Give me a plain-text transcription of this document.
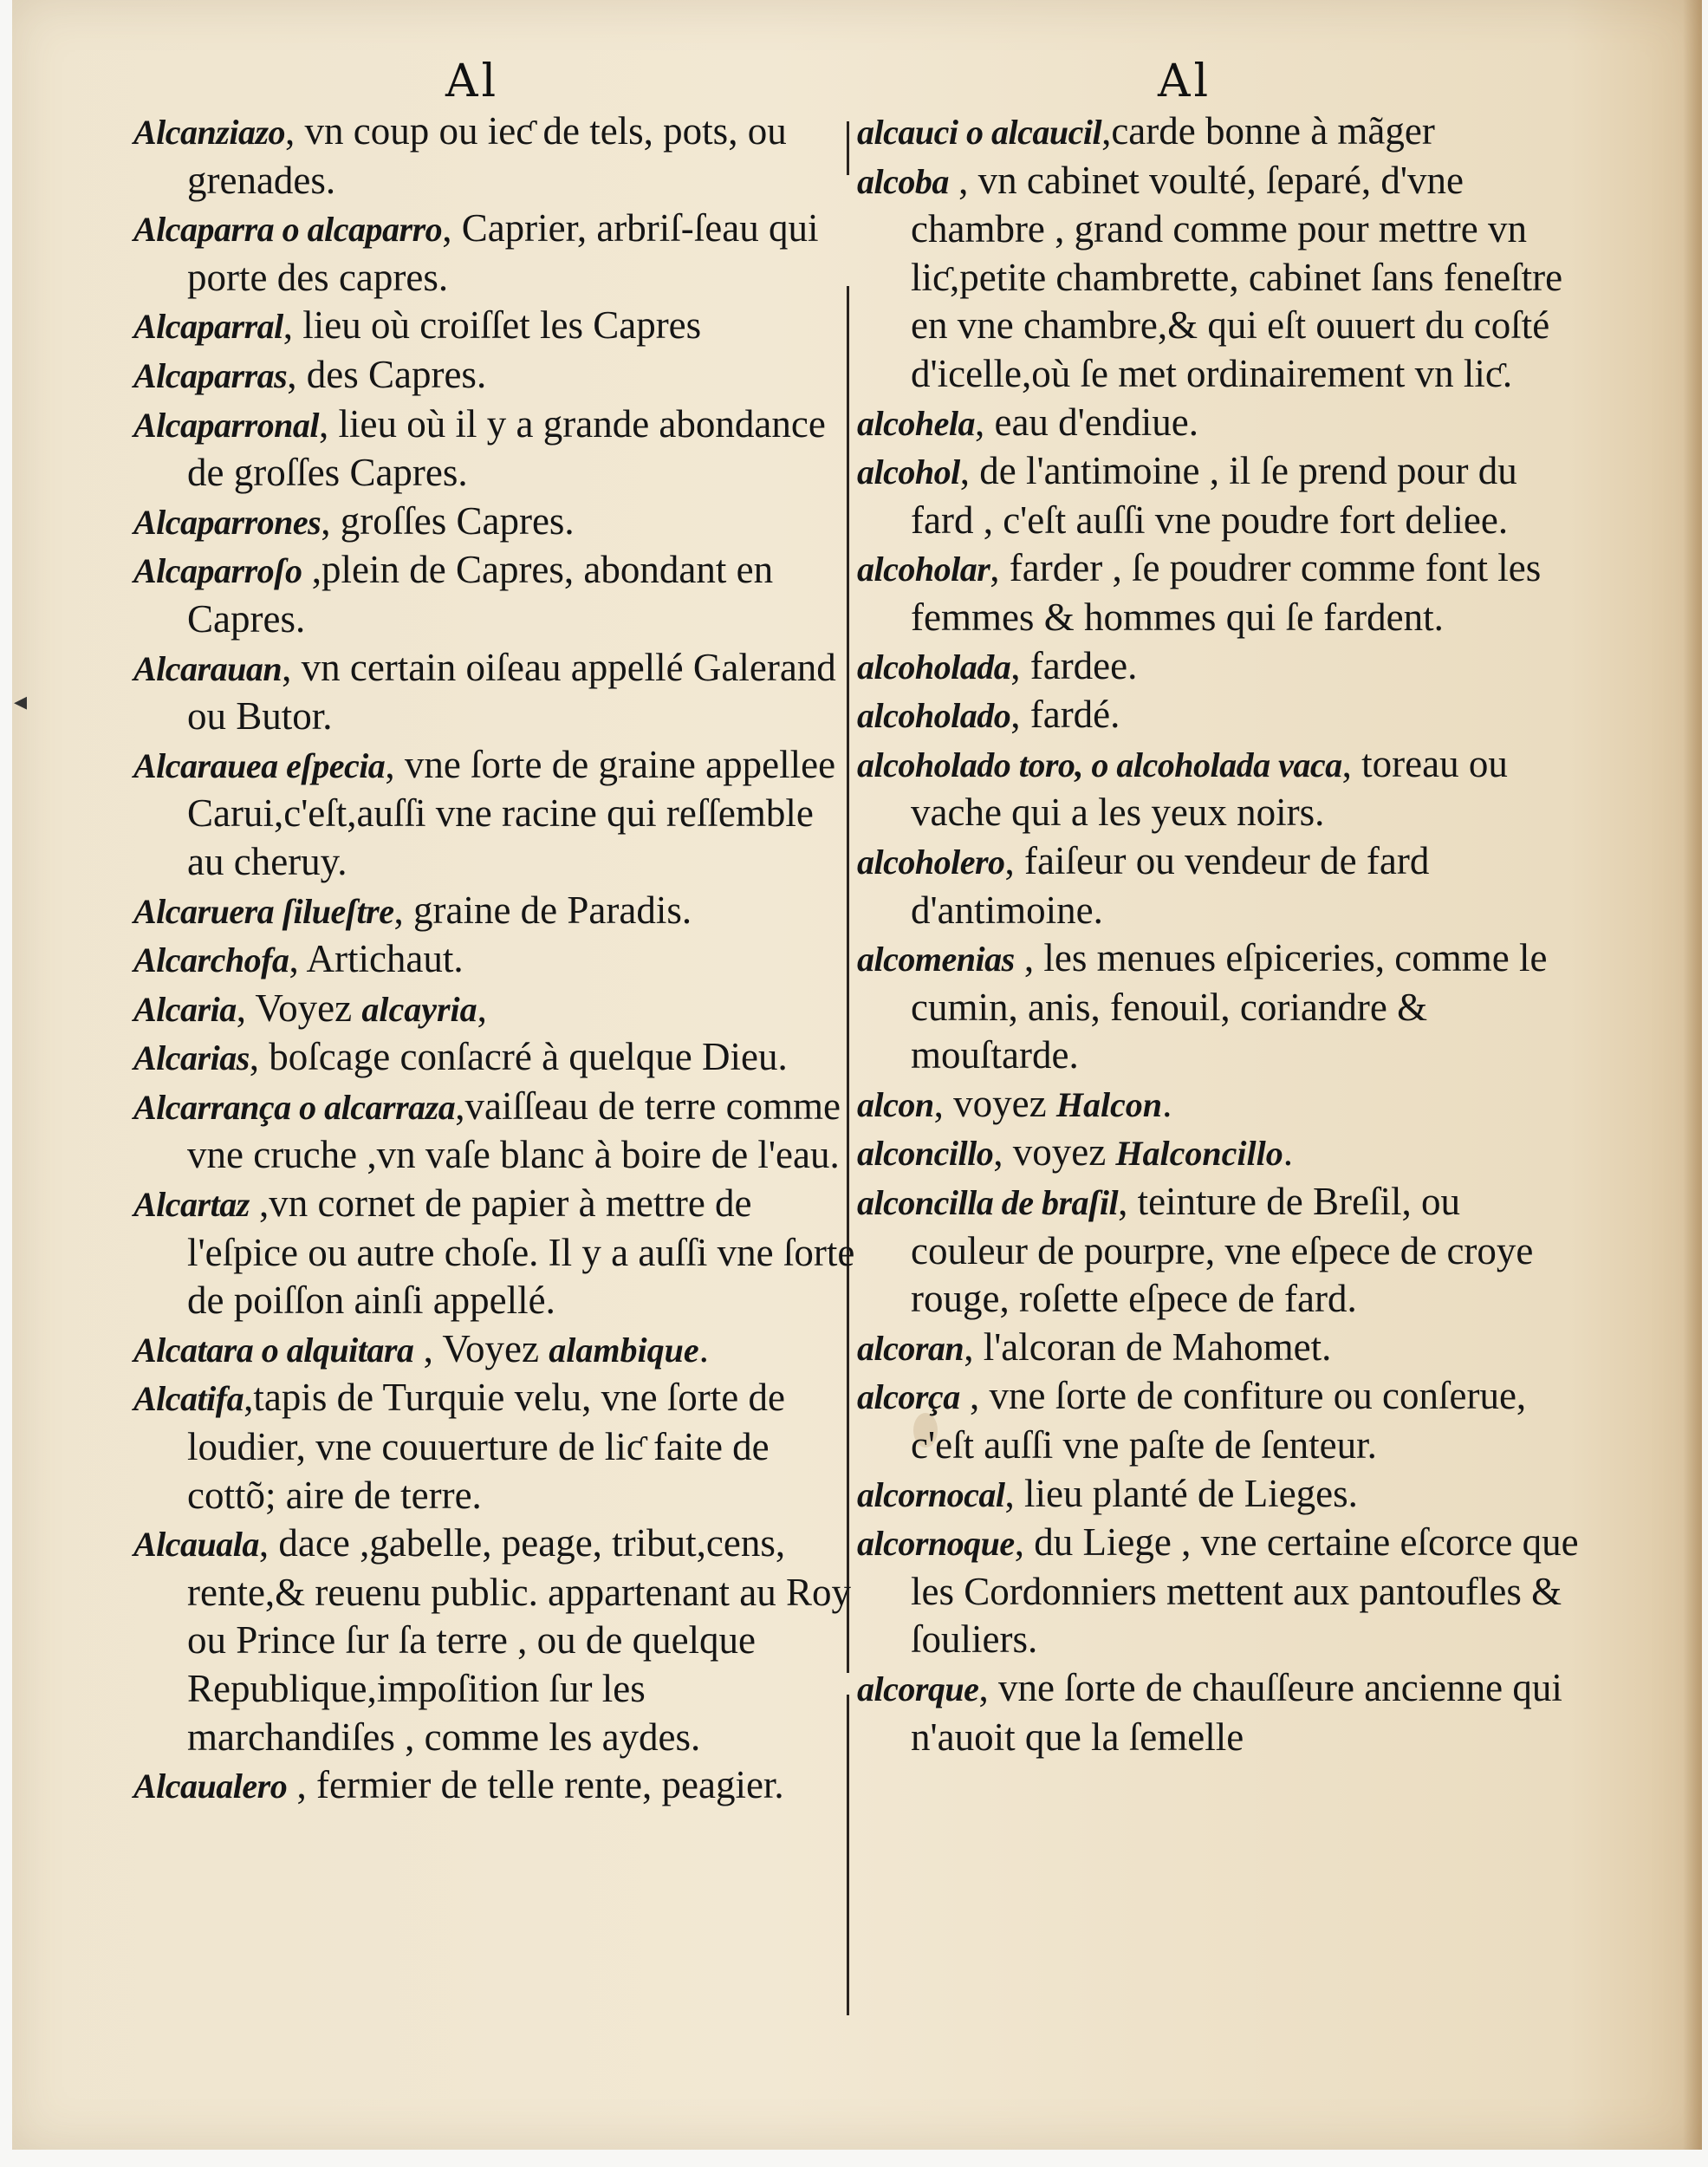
◂
Al	Al

Alcanziazo, vn coup ou ieƈ de tels, pots, ou grenades.

Alcaparra o alcaparro, Caprier, arbriſ‑ſeau qui porte des capres.

Alcaparral, lieu où croiſſet les Capres

Alcaparras, des Capres.

Alcaparronal, lieu où il y a grande abondance de groſſes Capres.

Alcaparrones, groſſes Capres.

Alcaparroſo ,plein de Capres, abondant en Capres.

Alcarauan, vn certain oiſeau appellé Galerand ou Butor.

Alcarauea eſpecia, vne ſorte de graine appellee Carui,c'eſt,auſſi vne racine qui reſſemble au cheruy.

Alcaruera ſilueſtre, graine de Paradis.

Alcarchofa, Artichaut.

Alcaria, Voyez alcayria,

Alcarias, boſcage conſacré à quelque Dieu.

Alcarrança o alcarraza,vaiſſeau de terre comme vne cruche ,vn vaſe blanc à boire de l'eau.

Alcartaz ,vn cornet de papier à mettre de l'eſpice ou autre choſe. Il y a auſſi vne ſorte de poiſſon ainſi appellé.

Alcatara o alquitara , Voyez alambique.

Alcatifa,tapis de Turquie velu, vne ſorte de loudier, vne couuerture de liƈ faite de cottõ; aire de terre.

Alcauala, dace ,gabelle, peage, tribut,cens, rente,& reuenu public. appartenant au Roy ou Prince ſur ſa terre , ou de quelque Republique,impoſition ſur les marchandiſes , comme les aydes.

Alcaualero , fermier de telle rente, peagier.

alcauci o alcaucil,carde bonne à mãger

alcoba , vn cabinet voulté, ſeparé, d'vne chambre , grand comme pour mettre vn liƈ,petite chambrette, cabinet ſans feneſtre en vne chambre,& qui eſt ouuert du coſté d'icelle,où ſe met ordinairement vn liƈ.

alcohela, eau d'endiue.

alcohol, de l'antimoine , il ſe prend pour du fard , c'eſt auſſi vne poudre fort deliee.

alcoholar, farder , ſe poudrer comme font les femmes & hommes qui ſe fardent.

alcoholada, fardee.

alcoholado, fardé.

alcoholado toro, o alcoholada vaca, toreau ou vache qui a les yeux noirs.

alcoholero, faiſeur ou vendeur de fard d'antimoine.

alcomenias , les menues eſpiceries, comme le cumin, anis, fenouil, coriandre & mouſtarde.

alcon, voyez Halcon.

alconcillo, voyez Halconcillo.

alconcilla de braſil, teinture de Breſil, ou couleur de pourpre, vne eſpece de croye rouge, roſette eſpece de fard.

alcoran, l'alcoran de Mahomet.

alcorça , vne ſorte de confiture ou conſerue, c'eſt auſſi vne paſte de ſenteur.

alcornocal, lieu planté de Lieges.

alcornoque, du Liege , vne certaine eſcorce que les Cordonniers mettent aux pantoufles & ſouliers.

alcorque, vne ſorte de chauſſeure ancienne qui n'auoit que la ſemelle
